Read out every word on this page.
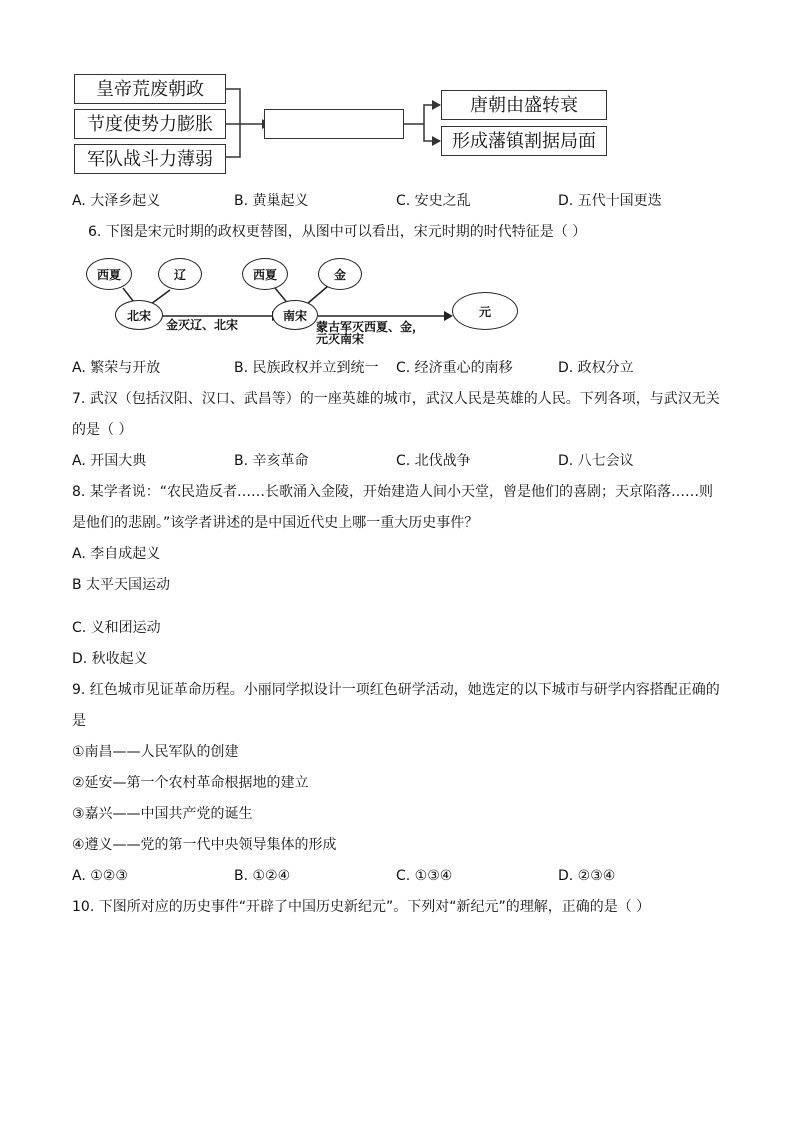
皇帝荒废朝政
节度使势力膨胀
军队战斗力薄弱
唐朝由盛转衰
形成藩镇割据局面
A. 大泽乡起义	B. 黄巢起义	C. 安史之乱	D. 五代十国更迭
6. 下图是宋元时期的政权更替图，从图中可以看出，宋元时期的时代特征是（ ）
西夏	辽
北宋
西夏	金
南宋	元
金灭辽、北宋	蒙古军灭西夏、金，
元灭南宋
A. 繁荣与开放	B. 民族政权并立到统一 C. 经济重心的南移	D. 政权分立
7. 武汉（包括汉阳、汉口、武昌等）的一座英雄的城市，武汉人民是英雄的人民。下列各项，与武汉无关
的是（ ）
A. 开国大典	B. 辛亥革命	C. 北伐战争	D. 八七会议
8. 某学者说：“农民造反者……长歌涌入金陵，开始建造人间小天堂，曾是他们的喜剧；天京陷落……则
是他们的悲剧。”该学者讲述的是中国近代史上哪一重大历史事件？
A. 李自成起义
B 太平天国运动
C. 义和团运动
D. 秋收起义
9. 红色城市见证革命历程。小丽同学拟设计一项红色研学活动，她选定的以下城市与研学内容搭配正确的
是
①南昌——人民军队的创建
②延安—第一个农村革命根据地的建立
③嘉兴——中国共产党的诞生
④遵义——党的第一代中央领导集体的形成
A. ①②③	B. ①②④	C. ①③④	D. ②③④
10. 下图所对应的历史事件“开辟了中国历史新纪元”。下列对“新纪元”的理解，正确的是（ ）
